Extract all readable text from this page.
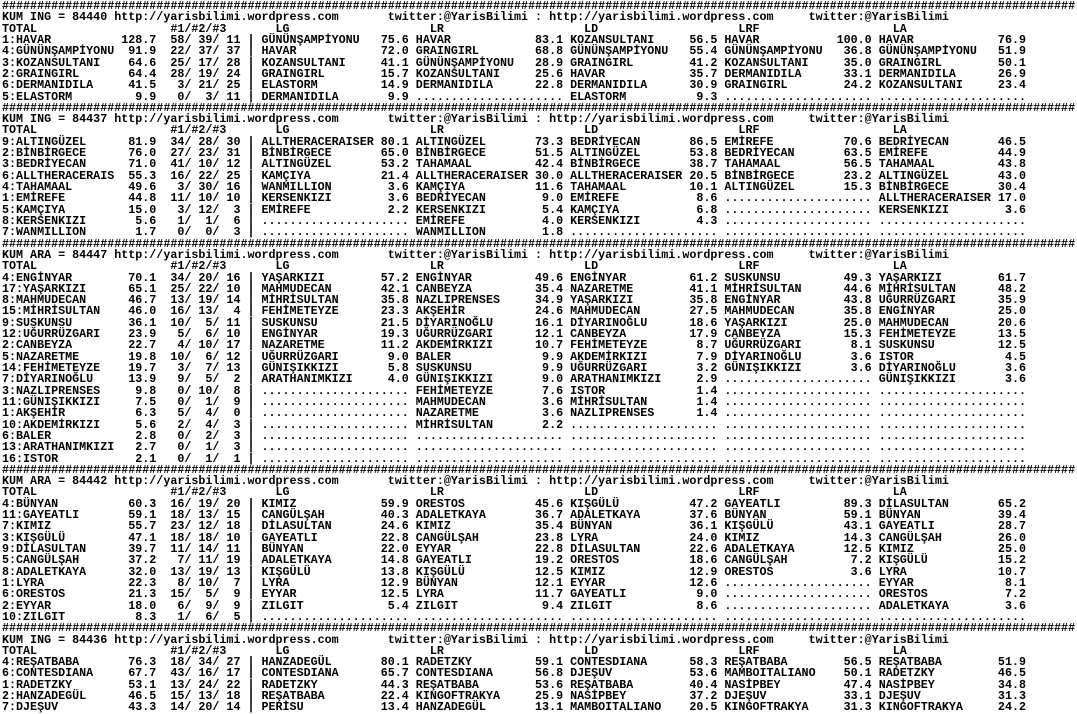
#########################################################################################################################################################
KUM ING = 84440 http://yarisbilimi.wordpress.com       twitter:@YarisBilimi : http://yarisbilimi.wordpress.com     twitter:@YarisBilimi
TOTAL                   #1/#2/#3       LG                    LR                    LD                    LRF                   LA
1:HAVAR          128.7  58/ 39/ 11 | GÜNÜNŞAMPİYONU   75.6 HAVAR            83.1 KOZANSULTANI     56.5 HAVAR           100.0 HAVAR            76.9
4:GÜNÜNŞAMPİYONU  91.9  22/ 37/ 37 | HAVAR            72.0 GRAINGIRL        68.8 GÜNÜNŞAMPİYONU   55.4 GÜNÜNŞAMPİYONU   36.8 GÜNÜNŞAMPİYONU   51.9
3:KOZANSULTANI    64.6  25/ 17/ 28 | KOZANSULTANI     41.1 GÜNÜNŞAMPİYONU   28.9 GRAINGIRL        41.2 KOZANSULTANI     35.0 GRAINGIRL        50.1
2:GRAINGIRL       64.4  28/ 19/ 24 | GRAINGIRL        15.7 KOZANSULTANI     25.6 HAVAR            35.7 DERMANIDILA      33.1 DERMANIDILA      26.9
6:DERMANIDILA     41.5   3/ 21/ 25 | ELASTORM         14.9 DERMANIDILA      22.8 DERMANIDILA      30.9 GRAINGIRL        24.2 KOZANSULTANI     23.4
5:ELASTORM         9.9   0/  3/ 11 | DERMANIDILA       9.9 ..................... ELASTORM          9.3 ..................... .....................
#########################################################################################################################################################
KUM ING = 84437 http://yarisbilimi.wordpress.com       twitter:@YarisBilimi : http://yarisbilimi.wordpress.com     twitter:@YarisBilimi
TOTAL                   #1/#2/#3       LG                    LR                    LD                    LRF                   LA
9:ALTINGÜZEL      81.9  34/ 28/ 30 | ALLTHERACERAISER 80.1 ALTINGÜZEL       73.3 BEDRİYECAN       86.5 EMİREFE          70.6 BEDRİYECAN       46.5
2:BİNBİRGECE      76.0  27/ 23/ 31 | BİNBİRGECE       65.0 BİNBİRGECE       51.5 ALTINGÜZEL       53.8 BEDRİYECAN       63.5 EMİREFE          44.9
3:BEDRİYECAN      71.0  41/ 10/ 12 | ALTINGÜZEL       53.2 TAHAMAAL         42.4 BİNBİRGECE       38.7 TAHAMAAL         56.5 TAHAMAAL         43.8
6:ALLTHERACERAIS  55.3  16/ 22/ 25 | KAMÇIYA          21.4 ALLTHERACERAISER 30.0 ALLTHERACERAISER 20.5 BİNBİRGECE       23.2 ALTINGÜZEL       43.0
4:TAHAMAAL        49.6   3/ 30/ 16 | WANMILLION        3.6 KAMÇIYA          11.6 TAHAMAAL         10.1 ALTINGÜZEL       15.3 BİNBİRGECE       30.4
1:EMİREFE         44.8  11/ 10/ 10 | KERSENKIZI        3.6 BEDRİYECAN        9.0 EMİREFE           8.6 ..................... ALLTHERACERAISER 17.0
5:KAMÇIYA         15.0   3/ 12/  3 | EMİREFE           2.2 KERSENKIZI        5.4 KAMÇIYA           6.8 ..................... KERSENKIZI        3.6
8:KERSENKIZI       5.6   1/  1/  6 | ..................... EMİREFE           4.0 KERSENKIZI        4.3 ..................... .....................
7:WANMILLION       1.7   0/  0/  3 | ..................... WANMILLION        1.8 ..................... ..................... .....................
#########################################################################################################################################################
KUM ARA = 84447 http://yarisbilimi.wordpress.com       twitter:@YarisBilimi : http://yarisbilimi.wordpress.com     twitter:@YarisBilimi
TOTAL                   #1/#2/#3       LG                    LR                    LD                    LRF                   LA
4:ENGİNYAR        70.1  34/ 20/ 16 | YAŞARKIZI        57.2 ENGİNYAR         49.6 ENGİNYAR         61.2 SUSKUNSU         49.3 YAŞARKIZI        61.7
17:YAŞARKIZI      65.1  25/ 22/ 10 | MAHMUDECAN       42.1 CANBEYZA         35.4 NAZARETME        41.1 MİHRİSULTAN      44.6 MİHRİSULTAN      48.2
8:MAHMUDECAN      46.7  13/ 19/ 14 | MİHRİSULTAN      35.8 NAZLIPRENSES     34.9 YAŞARKIZI        35.8 ENGİNYAR         43.8 UĞURRÜZGARI      35.9
15:MİHRİSULTAN    46.0  16/ 13/  4 | FEHİMETEYZE      23.3 AKŞEHİR          24.6 MAHMUDECAN       27.5 MAHMUDECAN       35.8 ENGİNYAR         25.0
9:SUSKUNSU        36.1  10/  5/ 11 | SUSKUNSU         21.5 DİYARINOĞLU      16.1 DİYARINOĞLU      18.6 YAŞARKIZI        25.0 MAHMUDECAN       20.6
12:UĞURRÜZGARI    23.9   5/  6/ 10 | ENGİNYAR         19.3 UĞURRÜZGARI      12.1 CANBEYZA         17.9 CANBEYZA         15.3 FEHİMETEYZE      13.5
2:CANBEYZA        22.7   4/ 10/ 17 | NAZARETME        11.2 AKDEMİRKIZI      10.7 FEHİMETEYZE       8.7 UĞURRÜZGARI       8.1 SUSKUNSU         12.5
5:NAZARETME       19.8  10/  6/ 12 | UĞURRÜZGARI       9.0 BALER             9.9 AKDEMİRKIZI       7.9 DİYARINOĞLU       3.6 ISTOR             4.5
14:FEHİMETEYZE    19.7   3/  7/ 13 | GÜNIŞIKKIZI       5.8 SUSKUNSU          9.9 UĞURRÜZGARI       3.2 GÜNIŞIKKIZI       3.6 DİYARINOĞLU       3.6
7:DİYARINOĞLU     13.9   9/  5/  2 | ARATHANIMKIZI     4.0 GÜNIŞIKKIZI       9.0 ARATHANIMKIZI     2.9 ..................... GÜNIŞIKKIZI       3.6
3:NAZLIPRENSES     9.8   0/ 10/  8 | ..................... FEHİMETEYZE       7.6 ISTOR             1.4 ..................... .....................
11:GÜNIŞIKKIZI     7.5   0/  1/  9 | ..................... MAHMUDECAN        3.6 MİHRİSULTAN       1.4 ..................... .....................
1:AKŞEHİR          6.3   5/  4/  0 | ..................... NAZARETME         3.6 NAZLIPRENSES      1.4 ..................... .....................
10:AKDEMİRKIZI     5.6   2/  4/  3 | ..................... MİHRİSULTAN       2.2 ..................... ..................... .....................
6:BALER            2.8   0/  2/  3 | ..................... ..................... ..................... ..................... .....................
13:ARATHANIMKIZI   2.7   0/  1/  3 | ..................... ..................... ..................... ..................... .....................
16:ISTOR           2.1   0/  1/  1 | ..................... ..................... ..................... ..................... .....................
#########################################################################################################################################################
KUM ARA = 84442 http://yarisbilimi.wordpress.com       twitter:@YarisBilimi : http://yarisbilimi.wordpress.com     twitter:@YarisBilimi
TOTAL                   #1/#2/#3       LG                    LR                    LD                    LRF                   LA
4:BÜNYAN          60.3  16/ 19/ 20 | KIMIZ            59.9 ORESTOS          45.6 KIŞGÜLÜ          47.2 GAYEATLI         89.3 DİLASULTAN       65.2
11:GAYEATLI       59.1  18/ 13/ 15 | CANGÜLŞAH        40.3 ADALETKAYA       36.7 ADALETKAYA       37.6 BÜNYAN           59.1 BÜNYAN           39.4
7:KIMIZ           55.7  23/ 12/ 18 | DİLASULTAN       24.6 KIMIZ            35.4 BÜNYAN           36.1 KIŞGÜLÜ          43.1 GAYEATLI         28.7
3:KIŞGÜLÜ         47.1  18/ 18/ 10 | GAYEATLI         22.8 CANGÜLŞAH        23.8 LYRA             24.0 KIMIZ            14.3 CANGÜLŞAH        26.0
9:DİLASULTAN      39.7  11/ 14/ 11 | BÜNYAN           22.0 EYYAR            22.8 DİLASULTAN       22.6 ADALETKAYA       12.5 KIMIZ            25.0
5:CANGÜLŞAH       37.2   7/ 11/ 19 | ADALETKAYA       14.8 GAYEATLI         19.2 ORESTOS          18.6 CANGÜLŞAH         7.2 KIŞGÜLÜ          15.2
8:ADALETKAYA      32.0  13/ 19/ 13 | KIŞGÜLÜ          13.8 KIŞGÜLÜ          12.5 KIMIZ            12.9 ORESTOS           3.6 LYRA             10.7
1:LYRA            22.3   8/ 10/  7 | LYRA             12.9 BÜNYAN           12.1 EYYAR            12.6 ..................... EYYAR             8.1
6:ORESTOS         21.3  15/  5/  9 | EYYAR            12.5 LYRA             11.7 GAYEATLI          9.0 ..................... ORESTOS           7.2
2:EYYAR           18.0   6/  9/  9 | ZILGIT            5.4 ZILGIT            9.4 ZILGIT            8.6 ..................... ADALETKAYA        3.6
10:ZILGIT          8.3   1/  6/  5 | ..................... ..................... ..................... ..................... .....................
#########################################################################################################################################################
KUM ING = 84436 http://yarisbilimi.wordpress.com       twitter:@YarisBilimi : http://yarisbilimi.wordpress.com     twitter:@YarisBilimi
TOTAL                   #1/#2/#3       LG                    LR                    LD                    LRF                   LA
4:REŞATBABA       76.3  18/ 34/ 27 | HANZADEGÜL       80.1 RADETZKY         59.1 CONTESDIANA      58.3 REŞATBABA        56.5 REŞATBABA        51.9
6:CONTESDIANA     67.7  43/ 16/ 17 | CONTESDIANA      65.7 CONTESDIANA      56.8 DJEŞUV           53.6 MAMBOITALIANO    50.1 RADETZKY         46.5
1:RADETZKY        53.1  13/ 24/ 22 | RADETZKY         44.3 REŞATBABA        53.6 REŞATBABA        40.4 NASİPBEY         47.4 NASİPBEY         34.8
2:HANZADEGÜL      46.5  15/ 13/ 18 | REŞATBABA        22.4 KINGOFTRAKYA     25.9 NASİPBEY         37.2 DJEŞUV           33.1 DJEŞUV           31.3
7:DJEŞUV          43.3  14/ 20/ 14 | PERİSU           13.4 HANZADEGÜL       13.1 MAMBOITALIANO    20.5 KINGOFTRAKYA     31.3 KINGOFTRAKYA     24.2
